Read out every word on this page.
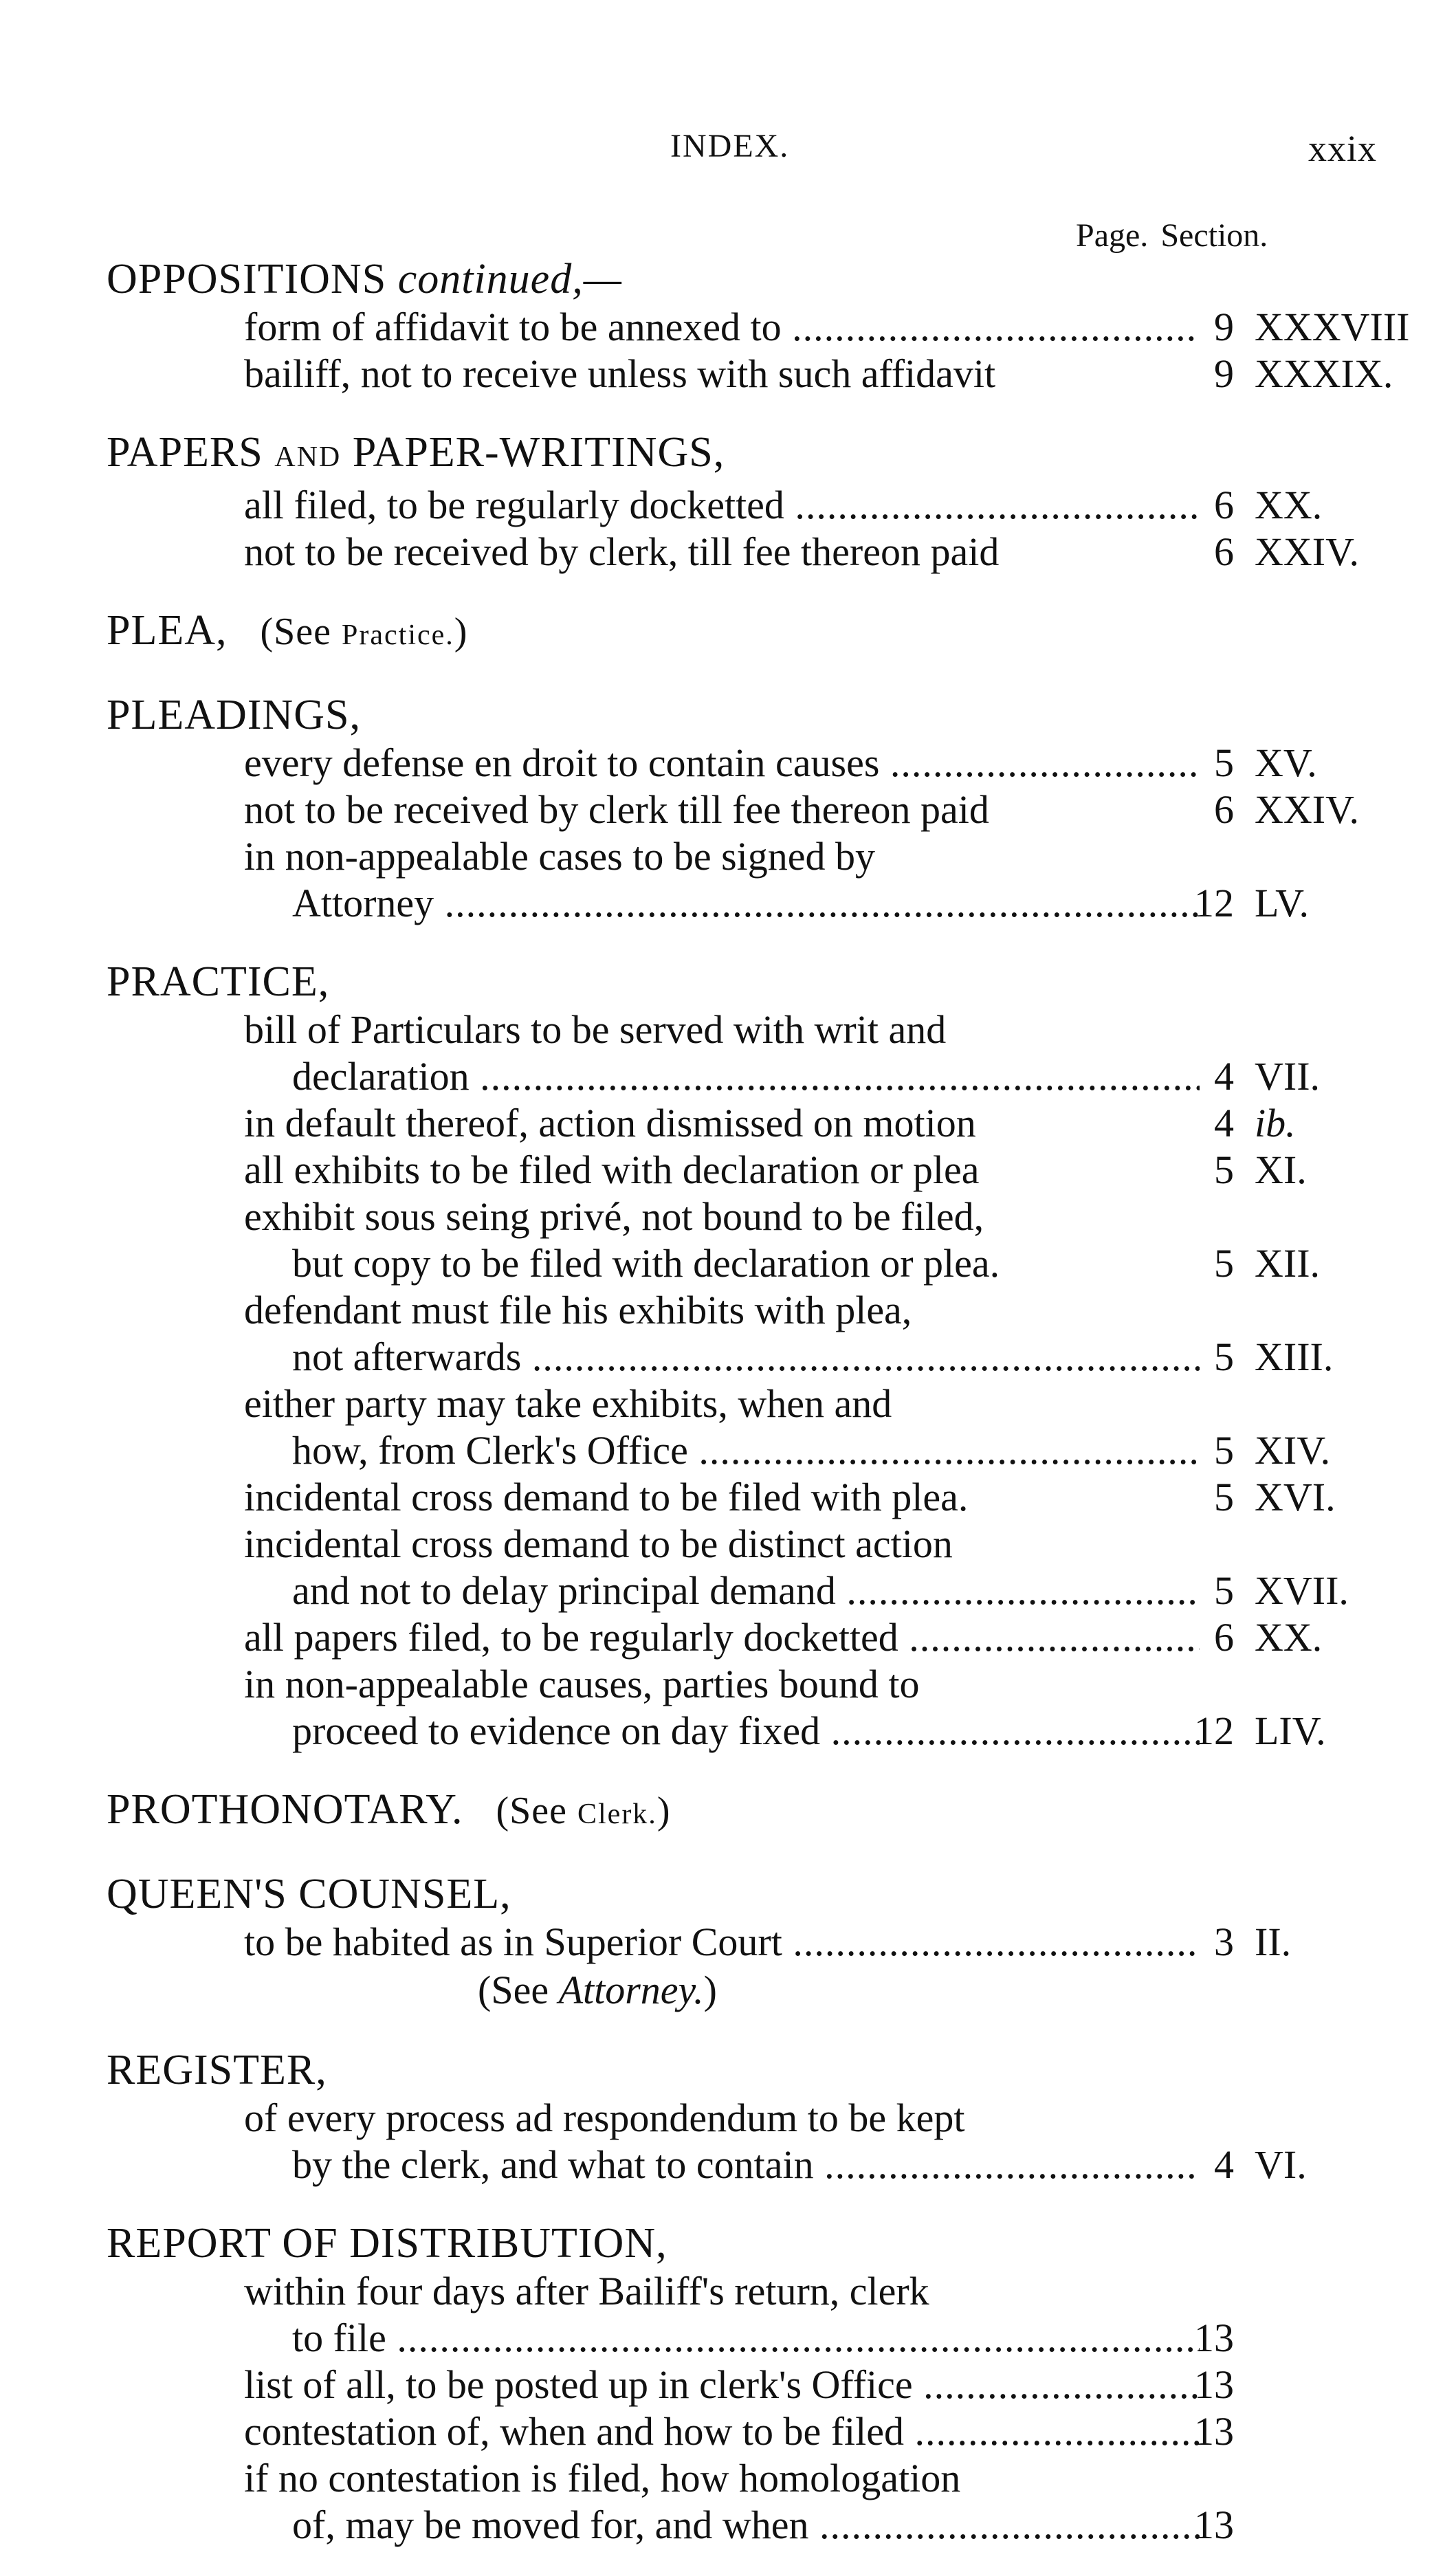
INDEX.	xxix
Page. Section.
OPPOSITIONS continued,—
form of affidavit to be annexed to .....	9 XXXVIII
bailiff, not to receive unless with such affidavit	9 XXXIX.
PAPERS AND PAPER-WRITINGS,
all filed, to be regularly docketted .....	6 XX.
not to be received by clerk, till fee thereon paid	6 XXIV.
PLEA, (See Practice.)
PLEADINGS,
every defense en droit to contain causes .....	5 XV.
not to be received by clerk till fee thereon paid	6 XXIV.
in non-appealable cases to be signed by
Attorney .....	12 LV.
PRACTICE,
bill of Particulars to be served with writ and
declaration .....	4 VII.
in default thereof, action dismissed on motion	4 ib.
all exhibits to be filed with declaration or plea	5 XI.
exhibit sous seing privé, not bound to be filed,
but copy to be filed with declaration or plea.	5 XII.
defendant must file his exhibits with plea,
not afterwards .....	5 XIII.
either party may take exhibits, when and
how, from Clerk's Office .....	5 XIV.
incidental cross demand to be filed with plea.	5 XVI.
incidental cross demand to be distinct action
and not to delay principal demand .....	5 XVII.
all papers filed, to be regularly docketted .....	6 XX.
in non-appealable causes, parties bound to
proceed to evidence on day fixed .....	12 LIV.
PROTHONOTARY. (See Clerk.)
QUEEN'S COUNSEL,
to be habited as in Superior Court .....	3 II.
(See Attorney.)
REGISTER,
of every process ad respondendum to be kept
by the clerk, and what to contain .....	4 VI.
REPORT OF DISTRIBUTION,
within four days after Bailiff's return, clerk
to file .....	13
list of all, to be posted up in clerk's Office .....	13
contestation of, when and how to be filed .....	13
if no contestation is filed, how homologation
of, may be moved for, and when .....	13
